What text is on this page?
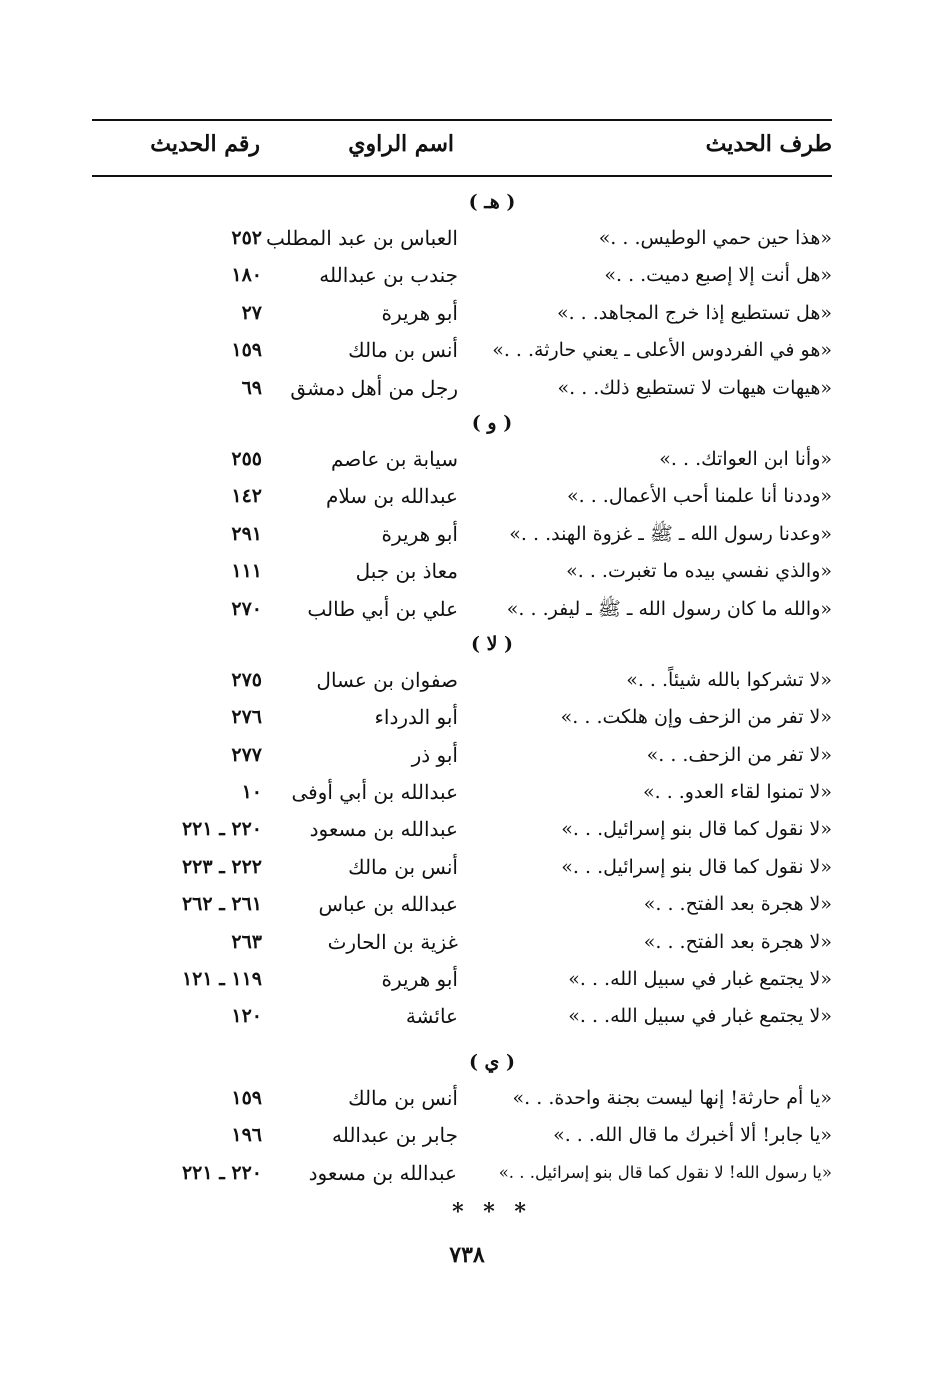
طرف الحديث
اسم الراوي
رقم الحديث
( هـ )
«هذا حين حمي الوطيس. . .»
العباس بن عبد المطلب
٢٥٢
«هل أنت إلا إصبع دميت. . .»
جندب بن عبدالله
١٨٠
«هل تستطيع إذا خرج المجاهد. . .»
أبو هريرة
٢٧
«هو في الفردوس الأعلى ـ يعني حارثة. . .»
أنس بن مالك
١٥٩
«هيهات هيهات لا تستطيع ذلك. . .»
رجل من أهل دمشق
٦٩
( و )
«وأنا ابن العواتك. . .»
سيابة بن عاصم
٢٥٥
«وددنا أنا علمنا أحب الأعمال. . .»
عبدالله بن سلام
١٤٢
«وعدنا رسول الله ـ ﷺ ـ غزوة الهند. . .»
أبو هريرة
٢٩١
«والذي نفسي بيده ما تغبرت. . .»
معاذ بن جبل
١١١
«والله ما كان رسول الله ـ ﷺ ـ ليفر. . .»
علي بن أبي طالب
٢٧٠
( لا )
«لا تشركوا بالله شيئاً. . .»
صفوان بن عسال
٢٧٥
«لا تفر من الزحف وإن هلكت. . .»
أبو الدرداء
٢٧٦
«لا تفر من الزحف. . .»
أبو ذر
٢٧٧
«لا تمنوا لقاء العدو. . .»
عبدالله بن أبي أوفى
١٠
«لا نقول كما قال بنو إسرائيل. . .»
عبدالله بن مسعود
٢٢٠ ـ ٢٢١
«لا نقول كما قال بنو إسرائيل. . .»
أنس بن مالك
٢٢٢ ـ ٢٢٣
«لا هجرة بعد الفتح. . .»
عبدالله بن عباس
٢٦١ ـ ٢٦٢
«لا هجرة بعد الفتح. . .»
غزية بن الحارث
٢٦٣
«لا يجتمع غبار في سبيل الله. . .»
أبو هريرة
١١٩ ـ ١٢١
«لا يجتمع غبار في سبيل الله. . .»
عائشة
١٢٠
( ي )
«يا أم حارثة! إنها ليست بجنة واحدة. . .»
أنس بن مالك
١٥٩
«يا جابر! ألا أخبرك ما قال الله. . .»
جابر بن عبدالله
١٩٦
«يا رسول الله! لا نقول كما قال بنو إسرائيل. . .»
عبدالله بن مسعود
٢٢٠ ـ ٢٢١
* * *
٧٣٨
